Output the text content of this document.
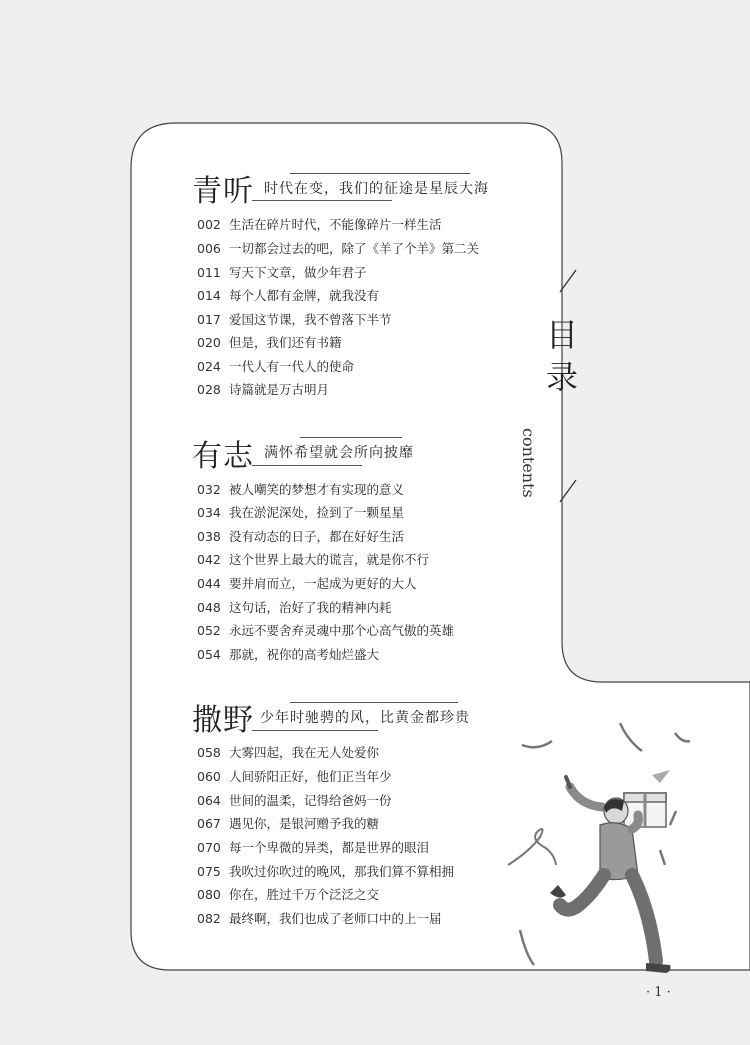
青听 时代在变，我们的征途是星辰大海
002 生活在碎片时代，不能像碎片一样生活
006 一切都会过去的吧，除了《羊了个羊》第二关
011 写天下文章，做少年君子
014 每个人都有金牌，就我没有
017 爱国这节课，我不曾落下半节
020 但是，我们还有书籍
024 一代人有一代人的使命
028 诗篇就是万古明月
有志 满怀希望就会所向披靡
032 被人嘲笑的梦想才有实现的意义
034 我在淤泥深处，捡到了一颗星星
038 没有动态的日子，都在好好生活
042 这个世界上最大的谎言，就是你不行
044 要并肩而立，一起成为更好的大人
048 这句话，治好了我的精神内耗
052 永远不要舍弃灵魂中那个心高气傲的英雄
054 那就，祝你的高考灿烂盛大
撒野 少年时驰骋的风，比黄金都珍贵
058 大雾四起，我在无人处爱你
060 人间骄阳正好，他们正当年少
064 世间的温柔，记得给爸妈一份
067 遇见你，是银河赠予我的糖
070 每一个卑微的异类，都是世界的眼泪
075 我吹过你吹过的晚风，那我们算不算相拥
080 你在，胜过千万个泛泛之交
082 最终啊，我们也成了老师口中的上一届
目
录
contents
· 1 ·
